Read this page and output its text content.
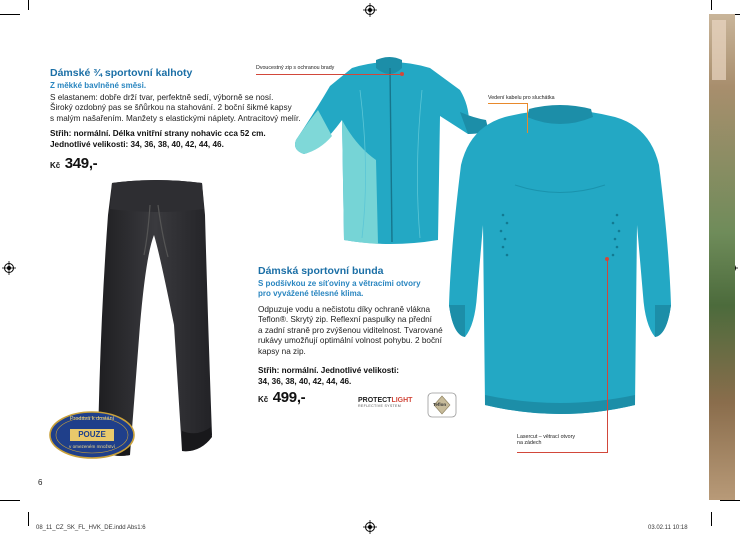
Dámské ¾ sportovní kalhoty
Z měkké bavlněné směsi.
S elastanem: dobře drží tvar, perfektně sedí, výborně se nosí.
Široký ozdobný pas se šňůrkou na stahování. 2 boční šikmé kapsy
s malým našařením. Manžety s elastickými náplety. Antracitový melír.
Střih: normální. Délka vnitřní strany nohavic cca 52 cm.
Jednotlivé velikosti: 34, 36, 38, 40, 42, 44, 46.
Kč 349,-
Prodává k dostání
POUZE
v omezeném množství
6
Dvoucestný zip s ochranou brady
Vedení kabelu pro sluchátka
Lasercut – větrací otvory
na zádech
Dámská sportovní bunda
S podšívkou ze síťoviny a větracími otvory
pro vyvážené tělesné klima.
Odpuzuje vodu a nečistotu díky ochraně vlákna
Teflon®. Skrytý zip. Reflexní paspulky na přední
a zadní straně pro zvýšenou viditelnost. Tvarované
rukávy umožňují optimální volnost pohybu. 2 boční
kapsy na zip.
Střih: normální. Jednotlivé velikosti:
34, 36, 38, 40, 42, 44, 46.
Kč 499,-	PROTECTLIGHT
REFLECTIVE SYSTEM	Teflon
08_11_CZ_SK_FL_HVK_DE.indd Abs1:6	03.02.11 10:18
